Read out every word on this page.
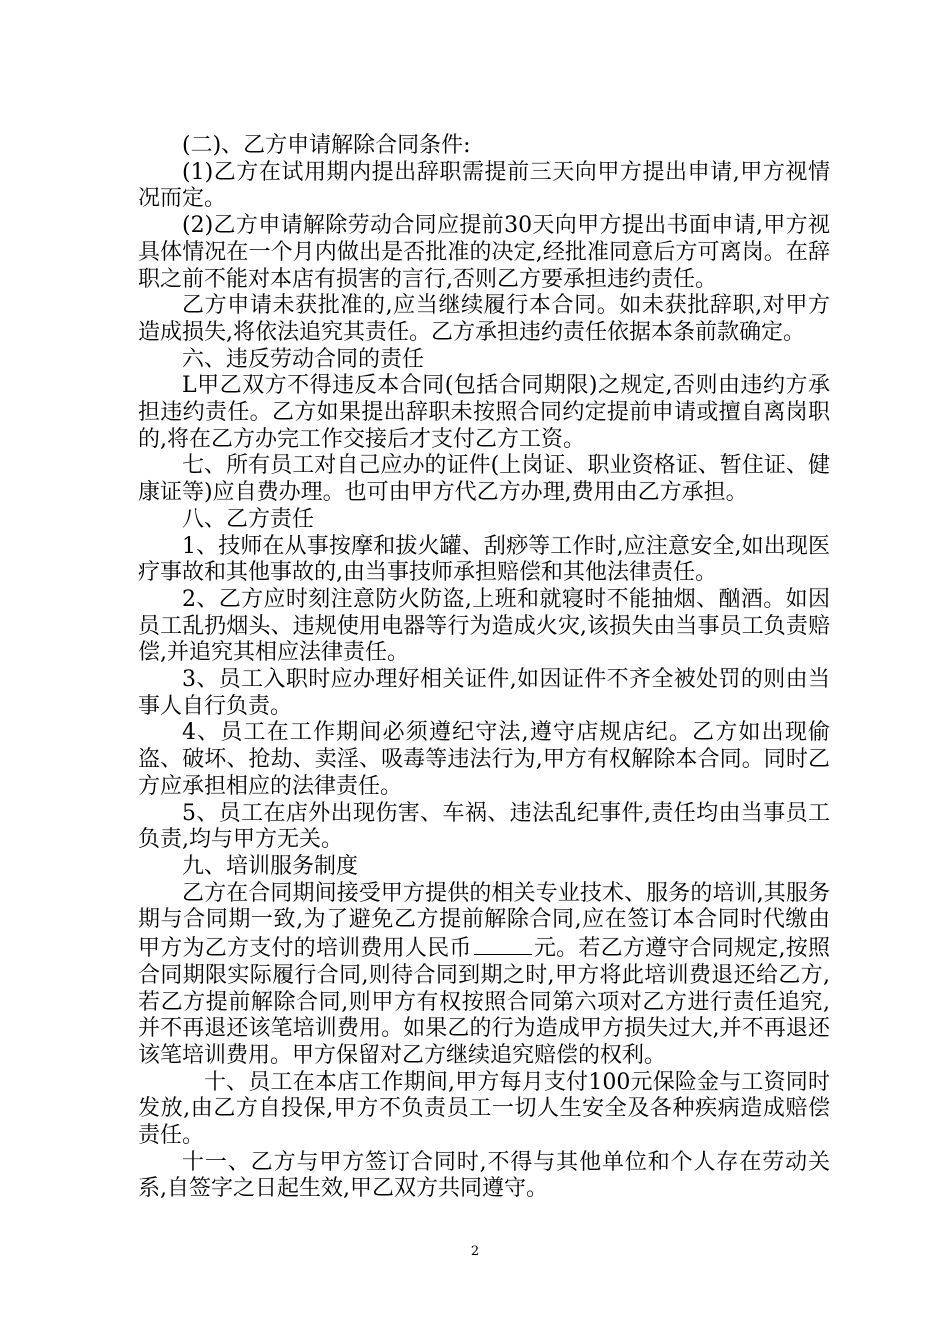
(二)、乙方申请解除合同条件:

(1)乙方在试用期内提出辞职需提前三天向甲方提出申请,甲方视情况而定。

(2)乙方申请解除劳动合同应提前30天向甲方提出书面申请,甲方视具体情况在一个月内做出是否批准的决定,经批准同意后方可离岗。在辞职之前不能对本店有损害的言行,否则乙方要承担违约责任。

乙方申请未获批准的,应当继续履行本合同。如未获批辞职,对甲方造成损失,将依法追究其责任。乙方承担违约责任依据本条前款确定。

六、违反劳动合同的责任

L甲乙双方不得违反本合同(包括合同期限)之规定,否则由违约方承担违约责任。乙方如果提出辞职未按照合同约定提前申请或擅自离岗职的,将在乙方办完工作交接后才支付乙方工资。

七、所有员工对自己应办的证件(上岗证、职业资格证、暂住证、健康证等)应自费办理。也可由甲方代乙方办理,费用由乙方承担。

八、乙方责任

1、技师在从事按摩和拔火罐、刮痧等工作时,应注意安全,如出现医疗事故和其他事故的,由当事技师承担赔偿和其他法律责任。

2、乙方应时刻注意防火防盗,上班和就寝时不能抽烟、酗酒。如因员工乱扔烟头、违规使用电器等行为造成火灾,该损失由当事员工负责赔偿,并追究其相应法律责任。

3、员工入职时应办理好相关证件,如因证件不齐全被处罚的则由当事人自行负责。

4、员工在工作期间必须遵纪守法,遵守店规店纪。乙方如出现偷盗、破坏、抢劫、卖淫、吸毒等违法行为,甲方有权解除本合同。同时乙方应承担相应的法律责任。

5、员工在店外出现伤害、车祸、违法乱纪事件,责任均由当事员工负责,均与甲方无关。

九、培训服务制度

乙方在合同期间接受甲方提供的相关专业技术、服务的培训,其服务期与合同期一致,为了避免乙方提前解除合同,应在签订本合同时代缴由甲方为乙方支付的培训费用人民币	元。若乙方遵守合同规定,按照合同期限实际履行合同,则待合同到期之时,甲方将此培训费退还给乙方,若乙方提前解除合同,则甲方有权按照合同第六项对乙方进行责任追究,并不再退还该笔培训费用。如果乙的行为造成甲方损失过大,并不再退还该笔培训费用。甲方保留对乙方继续追究赔偿的权利。

十、员工在本店工作期间,甲方每月支付100元保险金与工资同时发放,由乙方自投保,甲方不负责员工一切人生安全及各种疾病造成赔偿责任。

十一、乙方与甲方签订合同时,不得与其他单位和个人存在劳动关系,自签字之日起生效,甲乙双方共同遵守。

2
